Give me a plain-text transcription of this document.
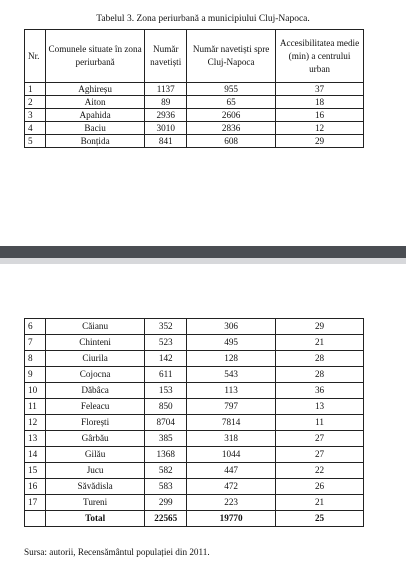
Tabelul 3. Zona periurbană a municipiului Cluj-Napoca.
Nr.	Comunele situate în zona periurbană	Număr navetiști	Număr navetiști spre Cluj-Napoca	Accesibilitatea medie (min) a centrului urban
1	Aghireșu	1137	955	37
2	Aiton	89	65	18
3	Apahida	2936	2606	16
4	Baciu	3010	2836	12
5	Bonțida	841	608	29
6	Căianu	352	306	29
7	Chinteni	523	495	21
8	Ciurila	142	128	28
9	Cojocna	611	543	28
10	Dăbâca	153	113	36
11	Feleacu	850	797	13
12	Florești	8704	7814	11
13	Gârbău	385	318	27
14	Gilău	1368	1044	27
15	Jucu	582	447	22
16	Săvădisla	583	472	26
17	Tureni	299	223	21
	Total	22565	19770	25
Sursa: autorii, Recensământul populației din 2011.
